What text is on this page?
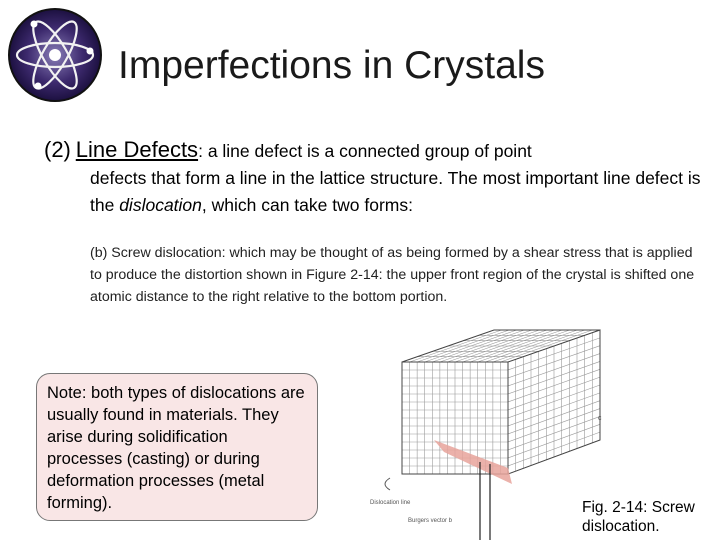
Imperfections in Crystals
(2) Line Defects: a line defect is a connected group of point
defects that form a line in the lattice structure. The most important line defect is the dislocation, which can take two forms:
(b) Screw dislocation: which may be thought of as being formed by a shear stress that is applied to produce the distortion shown in Figure 2-14: the upper front region of the crystal is shifted one atomic distance to the right relative to the bottom portion.
Note: both types of dislocations are usually found in materials. They arise during solidification processes (casting) or during deformation processes (metal forming).
c
Dislocation line
Burgers vector b
Fig. 2-14: Screw
dislocation.
